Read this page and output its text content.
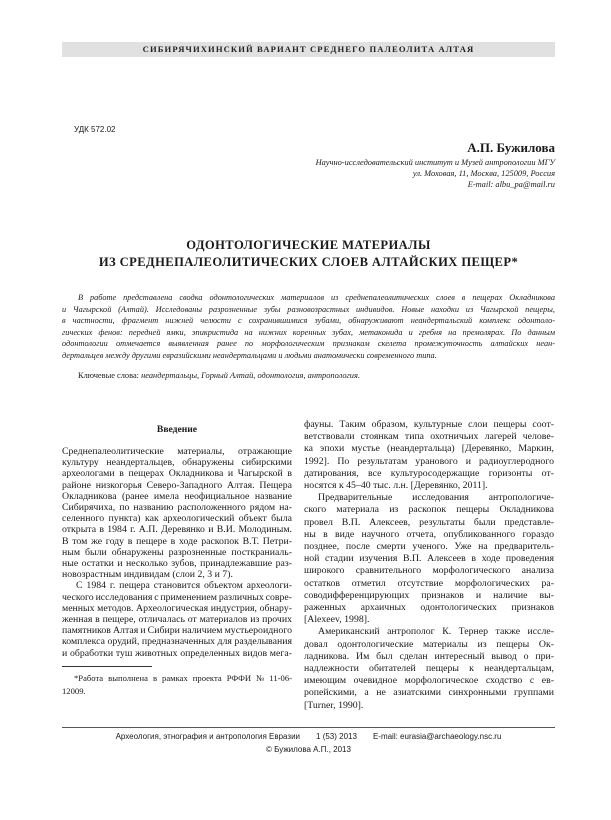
СИБИРЯЧИХИНСКИЙ ВАРИАНТ СРЕДНЕГО ПАЛЕОЛИТА АЛТАЯ
УДК 572.02
А.П. Бужилова
Научно-исследовательский институт и Музей антропологии МГУ
ул. Моховая, 11, Москва, 125009, Россия
E-mail: albu_pa@mail.ru
ОДОНТОЛОГИЧЕСКИЕ МАТЕРИАЛЫ
ИЗ СРЕДНЕПАЛЕОЛИТИЧЕСКИХ СЛОЕВ АЛТАЙСКИХ ПЕЩЕР*
В работе представлена сводка одонтологических материалов из среднепалеолитических слоев в пещерах Окладникова
и Чагырской (Алтай). Исследованы разрозненные зубы разновозрастных индивидов. Новые находки из Чагырской пещеры,
в частности, фрагмент нижней челюсти с сохранившимися зубами, обнаруживают неандертальский комплекс одонтоло-
гических фенов: передней ямки, эпикристида на нижних коренных зубах, метаконида и гребня на премолярах. По данным
одонтологии отмечается выявленная ранее по морфологическим признакам скелета промежуточность алтайских неан-
дертальцев между другими евразийскими неандертальцами и людьми анатомически современного типа.
Ключевые слова: неандертальцы, Горный Алтай, одонтология, антропология.
Введение
Среднепалеолитические материалы, отражающие
культуру неандертальцев, обнаружены сибирскими
археологами в пещерах Окладникова и Чагырской в
районе низкогорья Северо-Западного Алтая. Пещера
Окладникова (ранее имела неофициальное название
Сибирячиха, по названию расположенного рядом на-
селенного пункта) как археологический объект была
открыта в 1984 г. А.П. Деревянко и В.И. Молодиным.
В том же году в пещере в ходе раскопок В.Т. Петри-
ным были обнаружены разрозненные посткраниаль-
ные остатки и несколько зубов, принадлежавшие раз-
новозрастным индивидам (слои 2, 3 и 7).
С 1984 г. пещера становится объектом археологи-
ческого исследования с применением различных совре-
менных методов. Археологическая индустрия, обнару-
женная в пещере, отличалась от материалов из прочих
памятников Алтая и Сибири наличием мустьероидного
комплекса орудий, предназначенных для разделывания
и обработки туш животных определенных видов мега-
фауны. Таким образом, культурные слои пещеры соот-
ветствовали стоянкам типа охотничьих лагерей челове-
ка эпохи мустье (неандертальца) [Деревянко, Маркин,
1992]. По результатам уранового и радиоуглеродного
датирования, все культуросодержащие горизонты от-
носятся к 45–40 тыс. л.н. [Деревянко, 2011].
Предварительные исследования антропологиче-
ского материала из раскопок пещеры Окладникова
провел В.П. Алексеев, результаты были представле-
ны в виде научного отчета, опубликованного гораздо
позднее, после смерти ученого. Уже на предваритель-
ной стадии изучения В.П. Алексеев в ходе проведения
широкого сравнительного морфологического анализа
остатков отметил отсутствие морфологических ра-
соводифференцирующих признаков и наличие вы-
раженных архаичных одонтологических признаков
[Alexeev, 1998].
Американский антрополог К. Тернер также иссле-
довал одонтологические материалы из пещеры Ок-
ладникова. Им был сделан интересный вывод о при-
надлежности обитателей пещеры к неандертальцам,
имеющим очевидное морфологическое сходство с ев-
ропейскими, а не азиатскими синхронными группами
[Turner, 1990].
*Работа выполнена в рамках проекта РФФИ № 11-06-
12009.
Археология, этнография и антропология Евразии 1 (53) 2013 E-mail: eurasia@archaeology.nsc.ru
© Бужилова А.П., 2013
